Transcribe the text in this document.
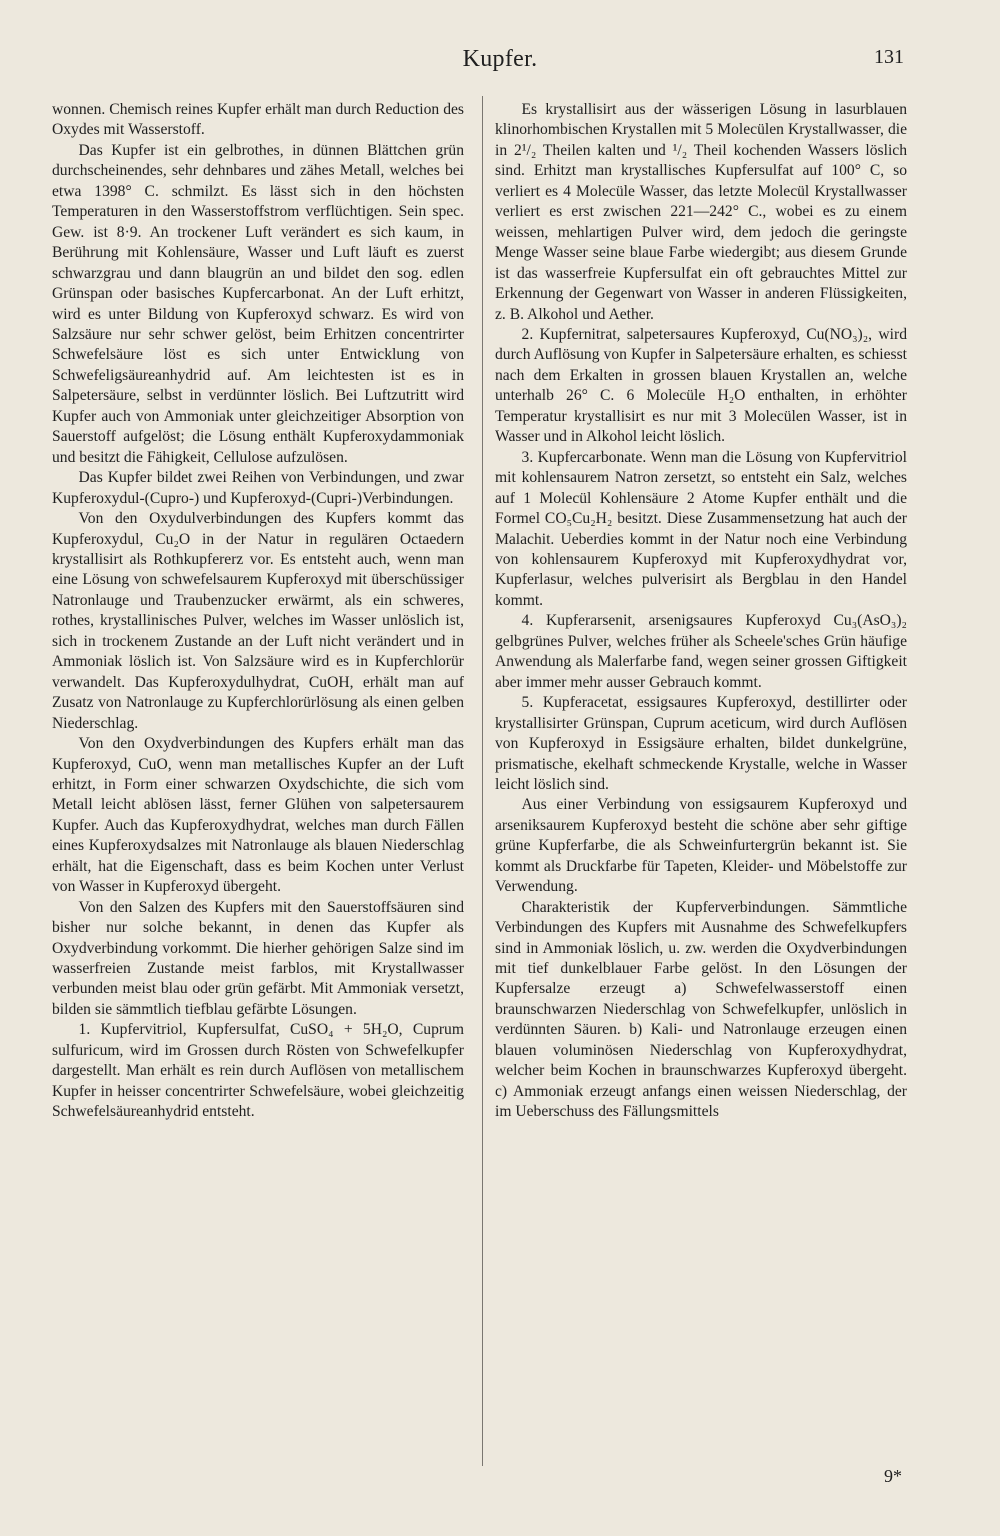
Kupfer.	131

wonnen. Chemisch reines Kupfer erhält man durch Reduction des Oxydes mit Wasserstoff.

Das Kupfer ist ein gelbrothes, in dünnen Blättchen grün durchscheinendes, sehr dehnbares und zähes Metall, welches bei etwa 1398° C. schmilzt. Es lässt sich in den höchsten Temperaturen in den Wasserstoffstrom verflüchtigen. Sein spec. Gew. ist 8·9. An trockener Luft verändert es sich kaum, in Berührung mit Kohlensäure, Wasser und Luft läuft es zuerst schwarzgrau und dann blaugrün an und bildet den sog. edlen Grünspan oder basisches Kupfercarbonat. An der Luft erhitzt, wird es unter Bildung von Kupferoxyd schwarz. Es wird von Salzsäure nur sehr schwer gelöst, beim Erhitzen concentrirter Schwefelsäure löst es sich unter Entwicklung von Schwefeligsäureanhydrid auf. Am leichtesten ist es in Salpetersäure, selbst in verdünnter löslich. Bei Luftzutritt wird Kupfer auch von Ammoniak unter gleichzeitiger Absorption von Sauerstoff aufgelöst; die Lösung enthält Kupferoxydammoniak und besitzt die Fähigkeit, Cellulose aufzulösen.

Das Kupfer bildet zwei Reihen von Verbindungen, und zwar Kupferoxydul-(Cupro-) und Kupferoxyd-(Cupri-)Verbindungen.

Von den Oxydulverbindungen des Kupfers kommt das Kupferoxydul, Cu₂O in der Natur in regulären Octaedern krystallisirt als Rothkupfererz vor. Es entsteht auch, wenn man eine Lösung von schwefelsaurem Kupferoxyd mit überschüssiger Natronlauge und Traubenzucker erwärmt, als ein schweres, rothes, krystallinisches Pulver, welches im Wasser unlöslich ist, sich in trockenem Zustande an der Luft nicht verändert und in Ammoniak löslich ist. Von Salzsäure wird es in Kupferchlorür verwandelt. Das Kupferoxydulhydrat, CuOH, erhält man auf Zusatz von Natronlauge zu Kupferchlorürlösung als einen gelben Niederschlag.

Von den Oxydverbindungen des Kupfers erhält man das Kupferoxyd, CuO, wenn man metallisches Kupfer an der Luft erhitzt, in Form einer schwarzen Oxydschichte, die sich vom Metall leicht ablösen lässt, ferner Glühen von salpetersaurem Kupfer. Auch das Kupferoxydhydrat, welches man durch Fällen eines Kupferoxydsalzes mit Natronlauge als blauen Niederschlag erhält, hat die Eigenschaft, dass es beim Kochen unter Verlust von Wasser in Kupferoxyd übergeht.

Von den Salzen des Kupfers mit den Sauerstoffsäuren sind bisher nur solche bekannt, in denen das Kupfer als Oxydverbindung vorkommt. Die hierher gehörigen Salze sind im wasserfreien Zustande meist farblos, mit Krystallwasser verbunden meist blau oder grün gefärbt. Mit Ammoniak versetzt, bilden sie sämmtlich tiefblau gefärbte Lösungen.

1. Kupfervitriol, Kupfersulfat, CuSO₄ + 5H₂O, Cuprum sulfuricum, wird im Grossen durch Rösten von Schwefelkupfer dargestellt. Man erhält es rein durch Auflösen von metallischem Kupfer in heisser concentrirter Schwefelsäure, wobei gleichzeitig Schwefelsäureanhydrid entsteht.

Es krystallisirt aus der wässerigen Lösung in lasurblauen klinorhombischen Krystallen mit 5 Molecülen Krystallwasser, die in 2¹/₂ Theilen kalten und ¹/₂ Theil kochenden Wassers löslich sind. Erhitzt man krystallisches Kupfersulfat auf 100° C, so verliert es 4 Molecüle Wasser, das letzte Molecül Krystallwasser verliert es erst zwischen 221—242° C., wobei es zu einem weissen, mehlartigen Pulver wird, dem jedoch die geringste Menge Wasser seine blaue Farbe wiedergibt; aus diesem Grunde ist das wasserfreie Kupfersulfat ein oft gebrauchtes Mittel zur Erkennung der Gegenwart von Wasser in anderen Flüssigkeiten, z. B. Alkohol und Aether.

2. Kupfernitrat, salpetersaures Kupferoxyd, Cu(NO₃)₂, wird durch Auflösung von Kupfer in Salpetersäure erhalten, es schiesst nach dem Erkalten in grossen blauen Krystallen an, welche unterhalb 26° C. 6 Molecüle H₂O enthalten, in erhöhter Temperatur krystallisirt es nur mit 3 Molecülen Wasser, ist in Wasser und in Alkohol leicht löslich.

3. Kupfercarbonate. Wenn man die Lösung von Kupfervitriol mit kohlensaurem Natron zersetzt, so entsteht ein Salz, welches auf 1 Molecül Kohlensäure 2 Atome Kupfer enthält und die Formel CO₅Cu₂H₂ besitzt. Diese Zusammensetzung hat auch der Malachit. Ueberdies kommt in der Natur noch eine Verbindung von kohlensaurem Kupferoxyd mit Kupferoxydhydrat vor, Kupferlasur, welches pulverisirt als Bergblau in den Handel kommt.

4. Kupferarsenit, arsenigsaures Kupferoxyd Cu₃(AsO₃)₂ gelbgrünes Pulver, welches früher als Scheele'sches Grün häufige Anwendung als Malerfarbe fand, wegen seiner grossen Giftigkeit aber immer mehr ausser Gebrauch kommt.

5. Kupferacetat, essigsaures Kupferoxyd, destillirter oder krystallisirter Grünspan, Cuprum aceticum, wird durch Auflösen von Kupferoxyd in Essigsäure erhalten, bildet dunkelgrüne, prismatische, ekelhaft schmeckende Krystalle, welche in Wasser leicht löslich sind.

Aus einer Verbindung von essigsaurem Kupferoxyd und arseniksaurem Kupferoxyd besteht die schöne aber sehr giftige grüne Kupferfarbe, die als Schweinfurtergrün bekannt ist. Sie kommt als Druckfarbe für Tapeten, Kleider- und Möbelstoffe zur Verwendung.

Charakteristik der Kupferverbindungen. Sämmtliche Verbindungen des Kupfers mit Ausnahme des Schwefelkupfers sind in Ammoniak löslich, u. zw. werden die Oxydverbindungen mit tief dunkelblauer Farbe gelöst. In den Lösungen der Kupfersalze erzeugt a) Schwefelwasserstoff einen braunschwarzen Niederschlag von Schwefelkupfer, unlöslich in verdünnten Säuren. b) Kali- und Natronlauge erzeugen einen blauen voluminösen Niederschlag von Kupferoxydhydrat, welcher beim Kochen in braunschwarzes Kupferoxyd übergeht. c) Ammoniak erzeugt anfangs einen weissen Niederschlag, der im Ueberschuss des Fällungsmittels

9*
